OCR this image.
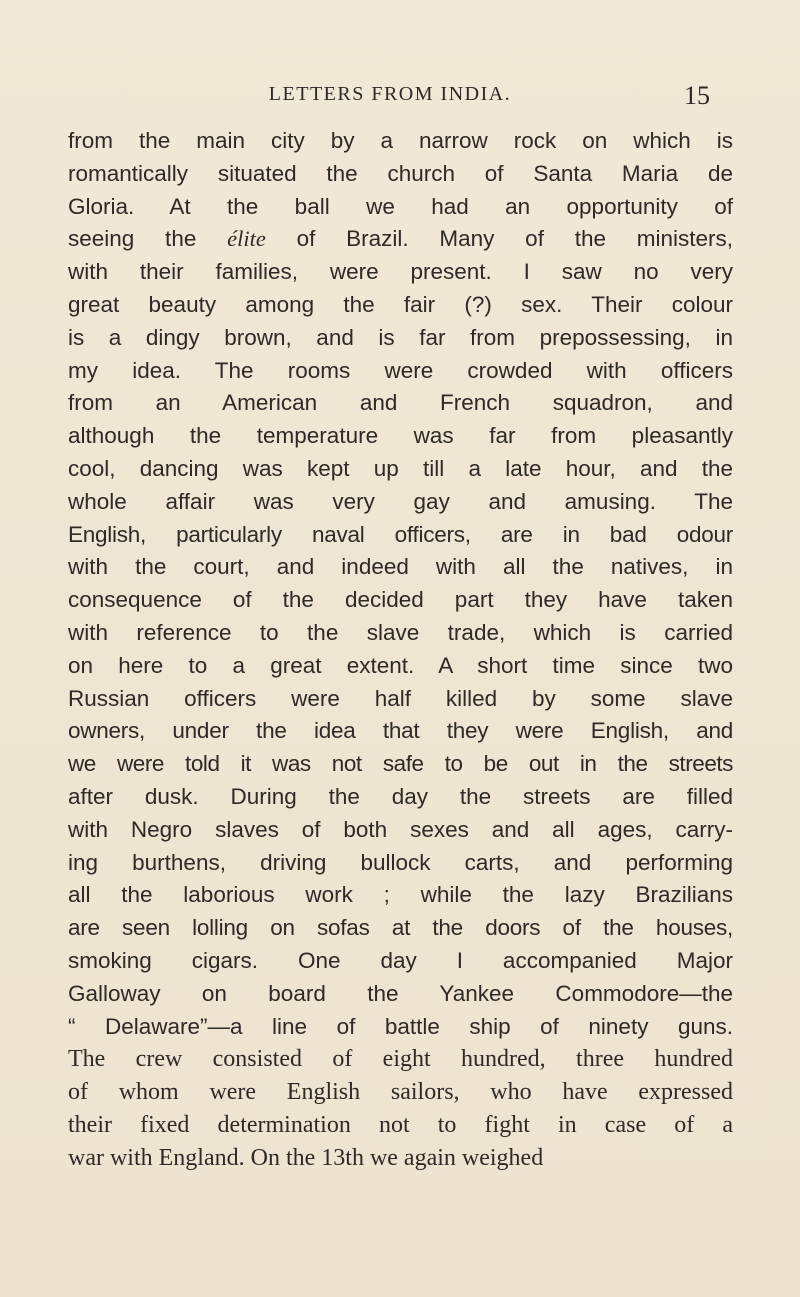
LETTERS FROM INDIA.	15
from the main city by a narrow rock on which is
romantically situated the church of Santa Maria de
Gloria. At the ball we had an opportunity of
seeing the élite of Brazil. Many of the ministers,
with their families, were present. I saw no very
great beauty among the fair (?) sex. Their colour
is a dingy brown, and is far from prepossessing, in
my idea. The rooms were crowded with officers
from an American and French squadron, and
although the temperature was far from pleasantly
cool, dancing was kept up till a late hour, and the
whole affair was very gay and amusing. The
English, particularly naval officers, are in bad odour
with the court, and indeed with all the natives, in
consequence of the decided part they have taken
with reference to the slave trade, which is carried
on here to a great extent. A short time since two
Russian officers were half killed by some slave
owners, under the idea that they were English, and
we were told it was not safe to be out in the streets
after dusk. During the day the streets are filled
with Negro slaves of both sexes and all ages, carry-
ing burthens, driving bullock carts, and performing
all the laborious work ; while the lazy Brazilians
are seen lolling on sofas at the doors of the houses,
smoking cigars. One day I accompanied Major
Galloway on board the Yankee Commodore—the
“ Delaware”—a line of battle ship of ninety guns.
The crew consisted of eight hundred, three hundred
of whom were English sailors, who have expressed
their fixed determination not to fight in case of a
war with England. On the 13th we again weighed
